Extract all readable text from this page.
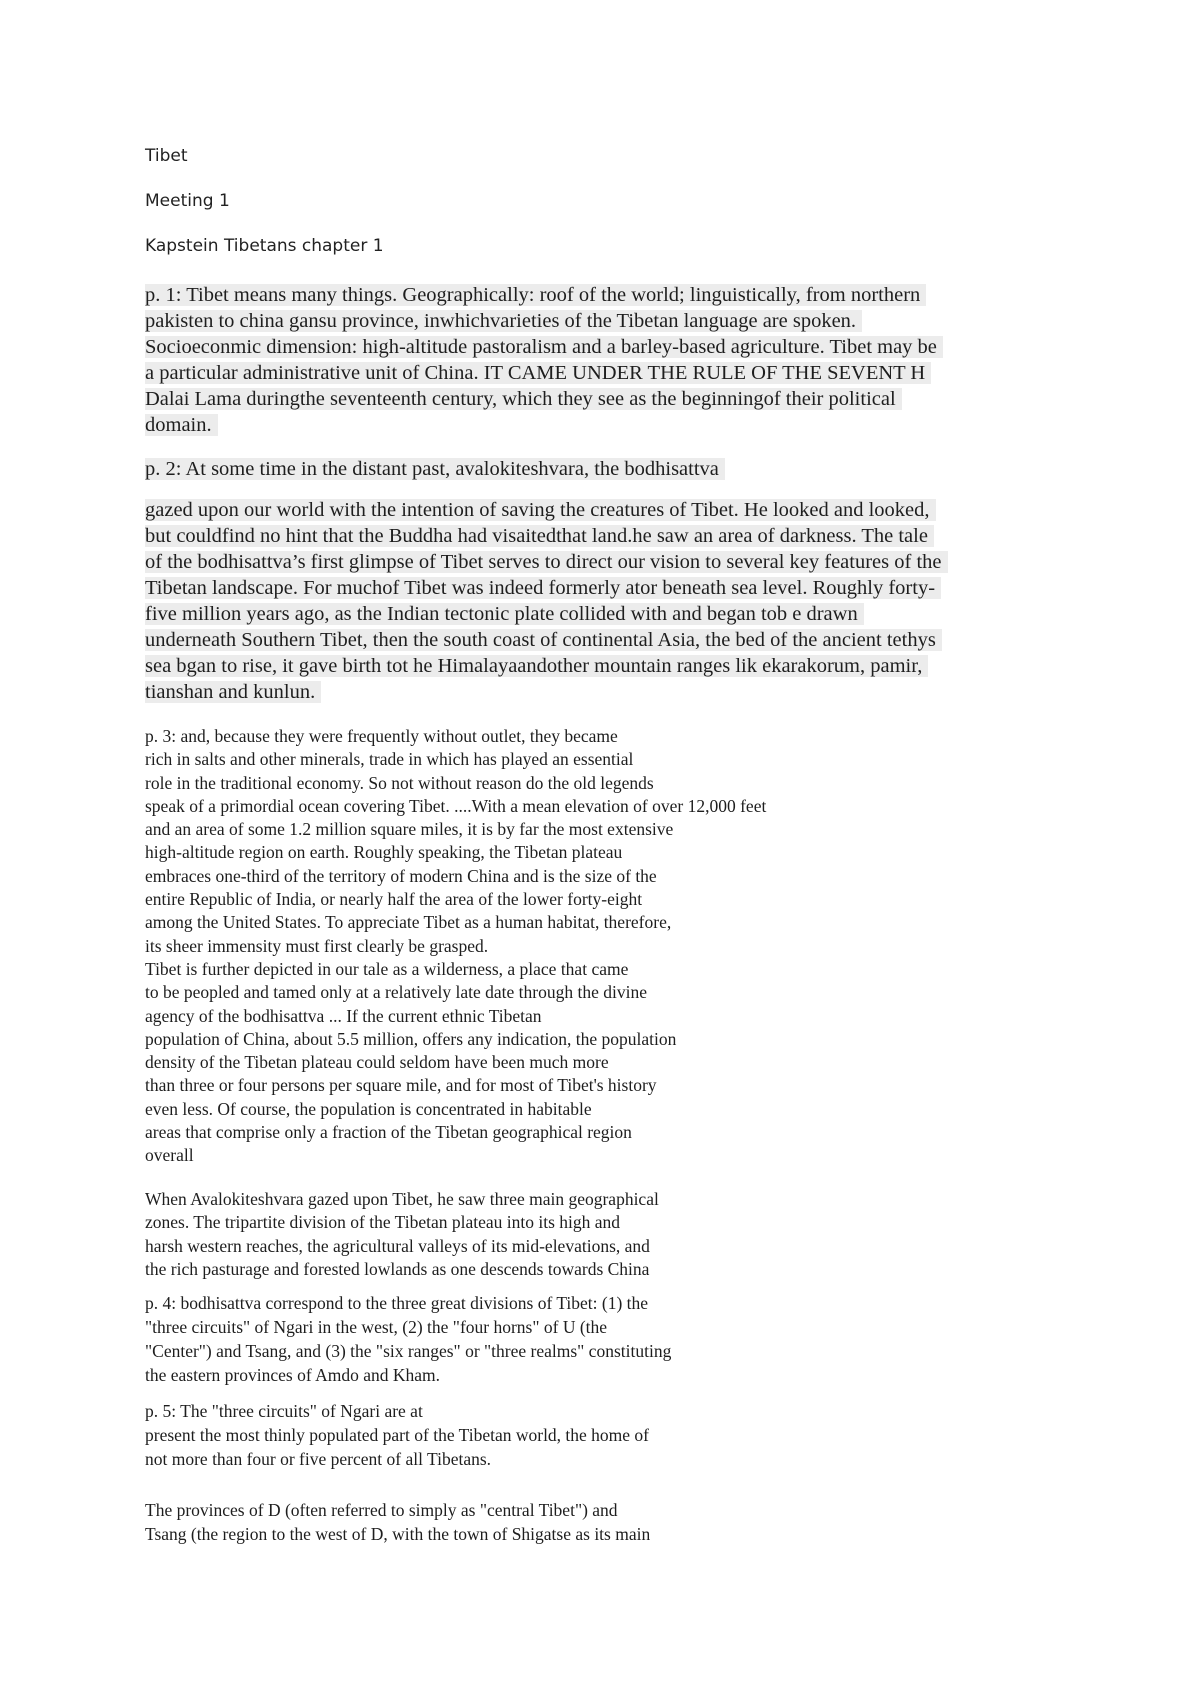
Tibet
Meeting 1
Kapstein Tibetans chapter 1
p. 1: Tibet means many things. Geographically: roof of the world; linguistically, from northern
pakisten to china gansu province, inwhichvarieties of the Tibetan language are spoken.
Socioeconmic dimension: high-altitude pastoralism and a barley-based agriculture. Tibet may be
a particular administrative unit of China. IT CAME UNDER THE RULE OF THE SEVENT H
Dalai Lama duringthe seventeenth century, which they see as the beginningof their political
domain.
p. 2: At some time in the distant past, avalokiteshvara, the bodhisattva
gazed upon our world with the intention of saving the creatures of Tibet. He looked and looked,
but couldfind no hint that the Buddha had visaitedthat land.he saw an area of darkness. The tale
of the bodhisattva’s first glimpse of Tibet serves to direct our vision to several key features of the
Tibetan landscape. For muchof Tibet was indeed formerly ator beneath sea level. Roughly forty-
five million years ago, as the Indian tectonic plate collided with and began tob e drawn
underneath Southern Tibet, then the south coast of continental Asia, the bed of the ancient tethys
sea bgan to rise, it gave birth tot he Himalayaandother mountain ranges lik ekarakorum, pamir,
tianshan and kunlun.
p. 3: and, because they were frequently without outlet, they became
rich in salts and other minerals, trade in which has played an essential
role in the traditional economy. So not without reason do the old legends
speak of a primordial ocean covering Tibet. ....With a mean elevation of over 12,000 feet
and an area of some 1.2 million square miles, it is by far the most extensive
high-altitude region on earth. Roughly speaking, the Tibetan plateau
embraces one-third of the territory of modern China and is the size of the
entire Republic of India, or nearly half the area of the lower forty-eight
among the United States. To appreciate Tibet as a human habitat, therefore,
its sheer immensity must first clearly be grasped.
Tibet is further depicted in our tale as a wilderness, a place that came
to be peopled and tamed only at a relatively late date through the divine
agency of the bodhisattva ... If the current ethnic Tibetan
population of China, about 5.5 million, offers any indication, the population
density of the Tibetan plateau could seldom have been much more
than three or four persons per square mile, and for most of Tibet's history
even less. Of course, the population is concentrated in habitable
areas that comprise only a fraction of the Tibetan geographical region
overall
When Avalokiteshvara gazed upon Tibet, he saw three main geographical
zones. The tripartite division of the Tibetan plateau into its high and
harsh western reaches, the agricultural valleys of its mid-elevations, and
the rich pasturage and forested lowlands as one descends towards China
p. 4: bodhisattva correspond to the three great divisions of Tibet: (1) the
"three circuits" of Ngari in the west, (2) the "four horns" of U (the
"Center") and Tsang, and (3) the "six ranges" or "three realms" constituting
the eastern provinces of Amdo and Kham.
p. 5: The "three circuits" of Ngari are at
present the most thinly populated part of the Tibetan world, the home of
not more than four or five percent of all Tibetans.
The provinces of D (often referred to simply as "central Tibet") and
Tsang (the region to the west of D, with the town of Shigatse as its main
